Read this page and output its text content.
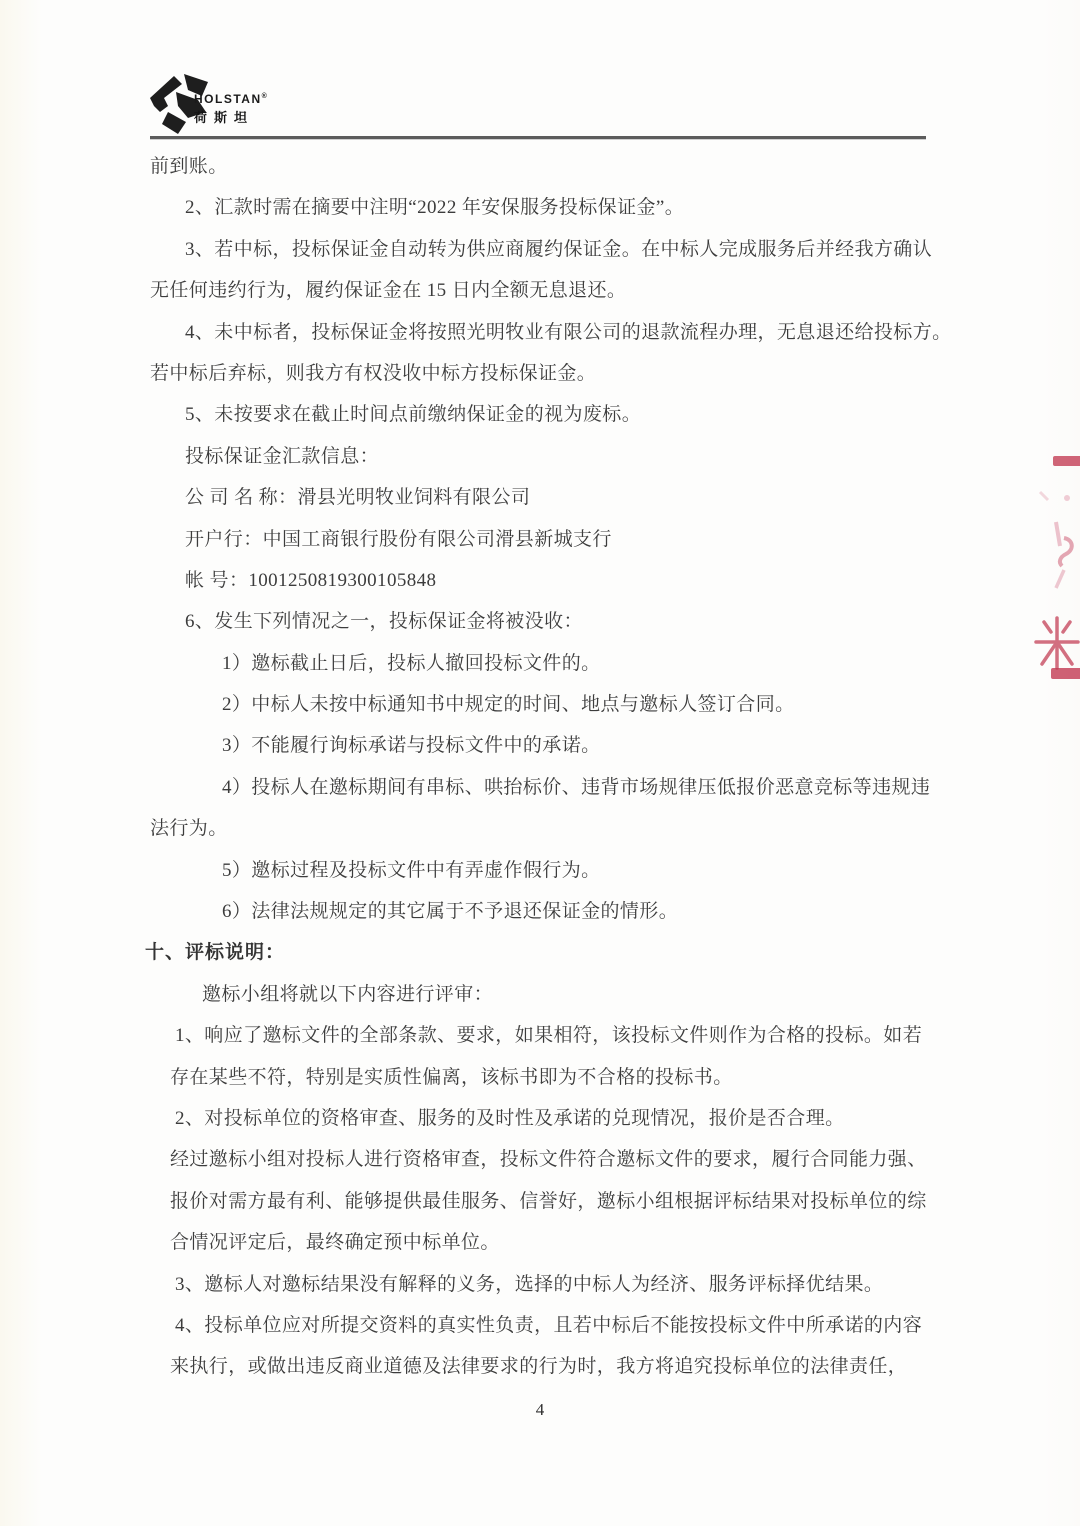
HOLSTAN®
荷斯坦
前到账。
2、汇款时需在摘要中注明“2022 年安保服务投标保证金”。
3、若中标，投标保证金自动转为供应商履约保证金。在中标人完成服务后并经我方确认
无任何违约行为，履约保证金在 15 日内全额无息退还。
4、未中标者，投标保证金将按照光明牧业有限公司的退款流程办理，无息退还给投标方。
若中标后弃标，则我方有权没收中标方投标保证金。
5、未按要求在截止时间点前缴纳保证金的视为废标。
投标保证金汇款信息：
公 司 名 称：滑县光明牧业饲料有限公司
开户行：中国工商银行股份有限公司滑县新城支行
帐 号：1001250819300105848
6、发生下列情况之一，投标保证金将被没收：
1）邀标截止日后，投标人撤回投标文件的。
2）中标人未按中标通知书中规定的时间、地点与邀标人签订合同。
3）不能履行询标承诺与投标文件中的承诺。
4）投标人在邀标期间有串标、哄抬标价、违背市场规律压低报价恶意竞标等违规违
法行为。
5）邀标过程及投标文件中有弄虚作假行为。
6）法律法规规定的其它属于不予退还保证金的情形。
十、评标说明：
邀标小组将就以下内容进行评审：
1、响应了邀标文件的全部条款、要求，如果相符，该投标文件则作为合格的投标。如若
存在某些不符，特别是实质性偏离，该标书即为不合格的投标书。
2、对投标单位的资格审查、服务的及时性及承诺的兑现情况，报价是否合理。
经过邀标小组对投标人进行资格审查，投标文件符合邀标文件的要求，履行合同能力强、
报价对需方最有利、能够提供最佳服务、信誉好，邀标小组根据评标结果对投标单位的综
合情况评定后，最终确定预中标单位。
3、邀标人对邀标结果没有解释的义务，选择的中标人为经济、服务评标择优结果。
4、投标单位应对所提交资料的真实性负责，且若中标后不能按投标文件中所承诺的内容
来执行，或做出违反商业道德及法律要求的行为时，我方将追究投标单位的法律责任，
4
